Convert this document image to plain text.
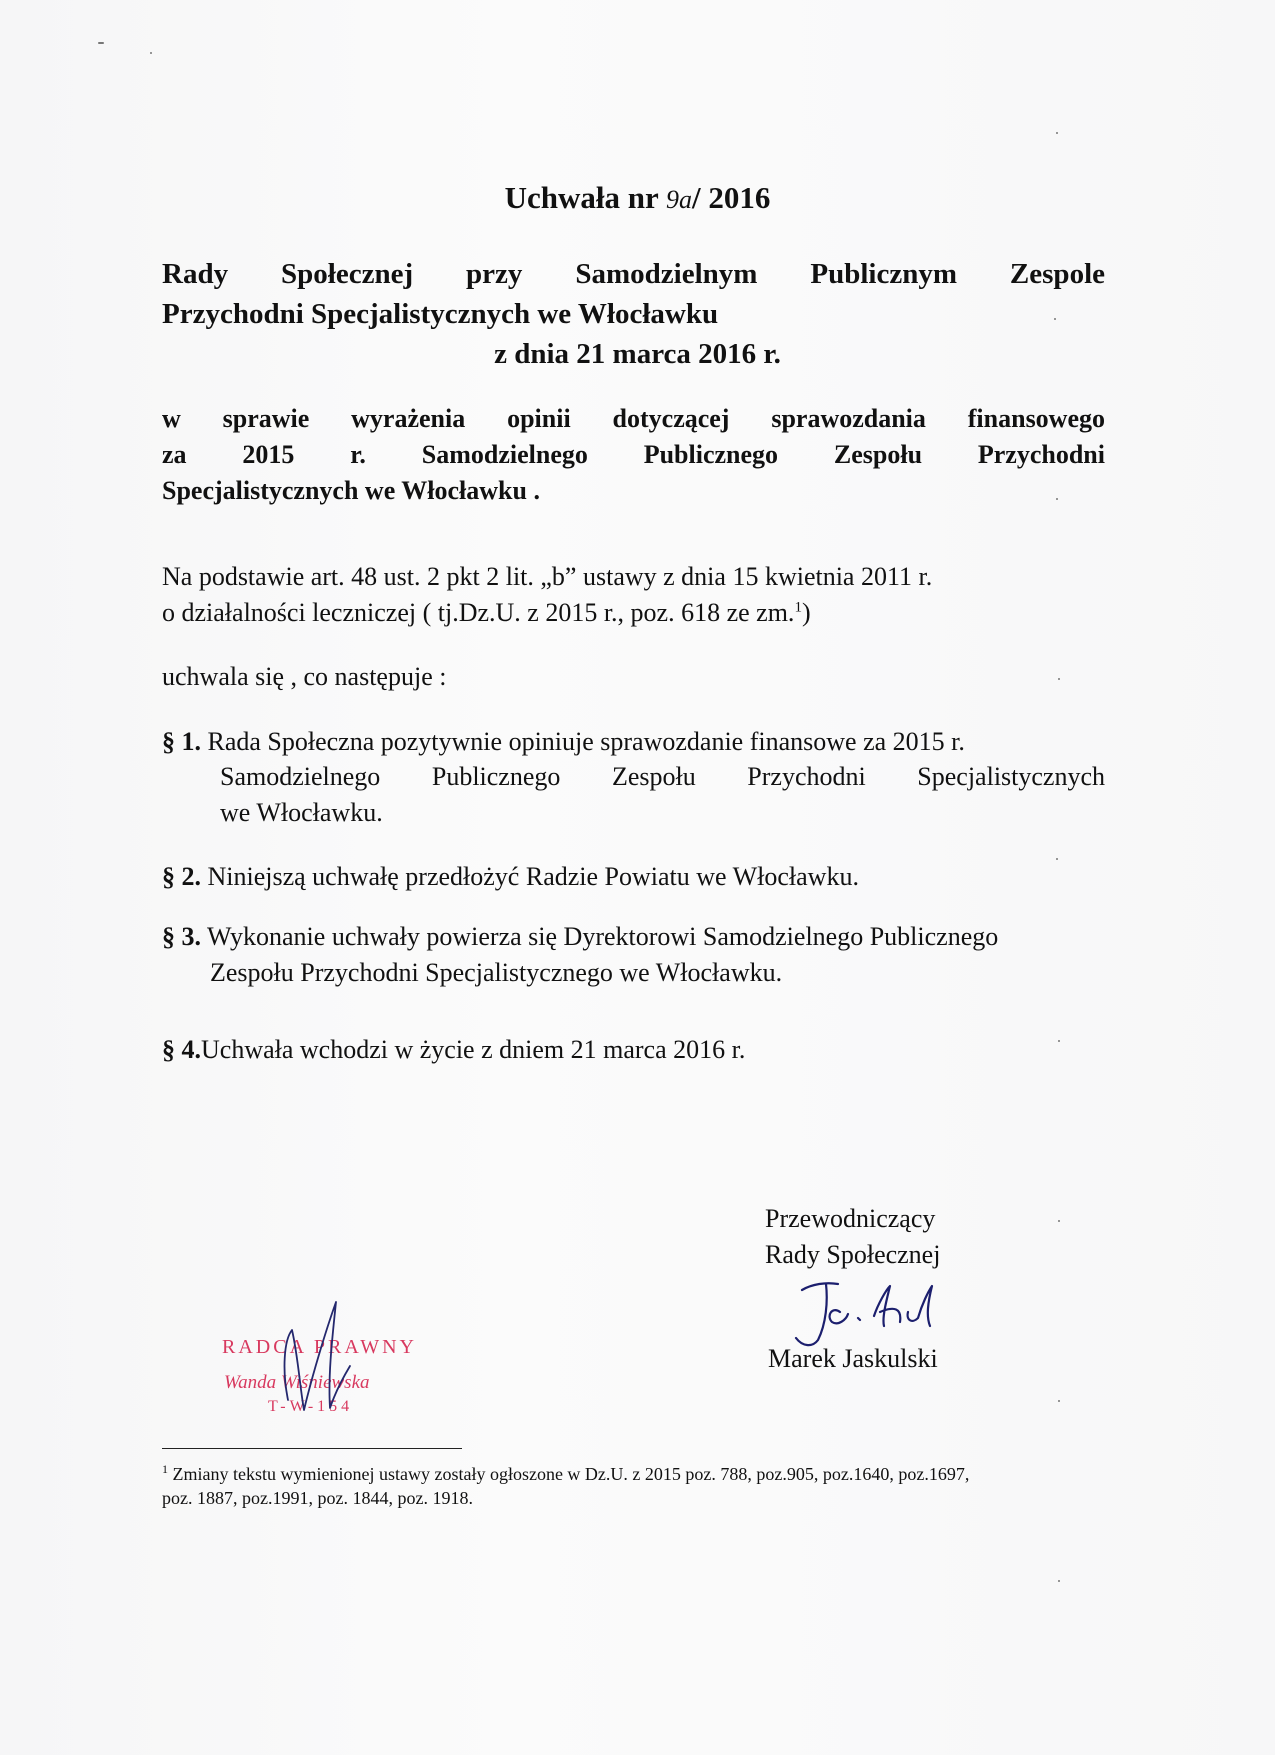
Uchwała nr 9a/ 2016
Rady Społecznej przy Samodzielnym Publicznym Zespole
Przychodni Specjalistycznych we Włocławku
z dnia 21 marca 2016 r.
w sprawie wyrażenia opinii dotyczącej sprawozdania finansowego
za 2015 r. Samodzielnego Publicznego Zespołu Przychodni
Specjalistycznych we Włocławku .
Na podstawie art. 48 ust. 2 pkt 2 lit. „b” ustawy z dnia 15 kwietnia 2011 r.
o działalności leczniczej ( tj.Dz.U. z 2015 r., poz. 618 ze zm.$^1$)
uchwala się , co następuje :
§ 1. Rada Społeczna pozytywnie opiniuje sprawozdanie finansowe za 2015 r.
Samodzielnego Publicznego Zespołu Przychodni Specjalistycznych
we Włocławku.
§ 2. Niniejszą uchwałę przedłożyć Radzie Powiatu we Włocławku.
§ 3. Wykonanie uchwały powierza się Dyrektorowi Samodzielnego Publicznego
Zespołu Przychodni Specjalistycznego we Włocławku.
§ 4.Uchwała wchodzi w życie z dniem 21 marca 2016 r.
Przewodniczący
Rady Społecznej
Marek Jaskulski
RADCA PRAWNY
Wanda Wiśniewska
T-W-154
$^1$ Zmiany tekstu wymienionej ustawy zostały ogłoszone w Dz.U. z 2015 poz. 788, poz.905, poz.1640, poz.1697,
poz. 1887, poz.1991, poz. 1844, poz. 1918.
